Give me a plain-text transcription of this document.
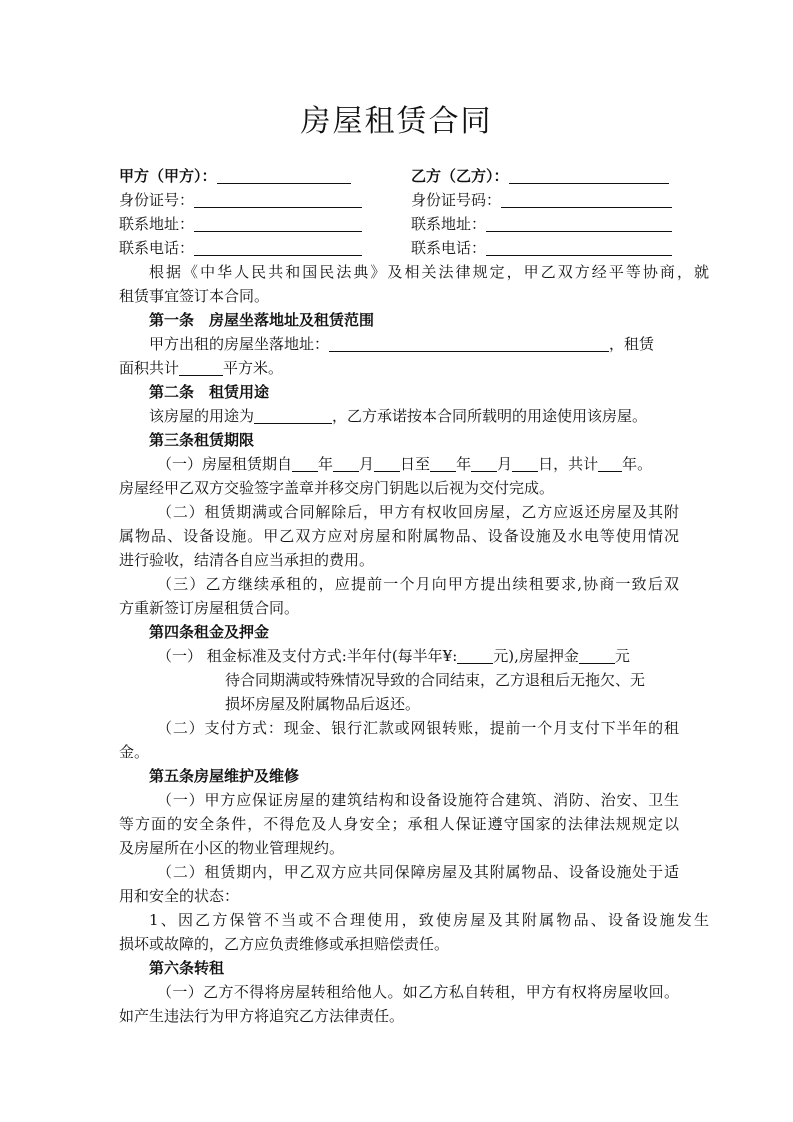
房屋租赁合同
甲方（甲方）：
身份证号：
联系地址：
联系电话：
乙方（乙方）：
身份证号码：
联系地址：
联系电话：
根据《中华人民共和国民法典》及相关法律规定，甲乙双方经平等协商，就
租赁事宜签订本合同。
第一条　房屋坐落地址及租赁范围
甲方出租的房屋坐落地址：	，租赁
面积共计	平方米。
第二条　租赁用途
该房屋的用途为	，乙方承诺按本合同所载明的用途使用该房屋。
第三条租赁期限
（一）房屋租赁期自 年 月 日至 年 月 日，共计 年。
房屋经甲乙双方交验签字盖章并移交房门钥匙以后视为交付完成。
（二）租赁期满或合同解除后，甲方有权收回房屋，乙方应返还房屋及其附
属物品、设备设施。甲乙双方应对房屋和附属物品、设备设施及水电等使用情况
进行验收，结清各自应当承担的费用。
（三）乙方继续承租的，应提前一个月向甲方提出续租要求,协商一致后双
方重新签订房屋租赁合同。
第四条租金及押金
（一） 租金标准及支付方式:半年付(每半年¥: 元),房屋押金 元
待合同期满或特殊情况导致的合同结束，乙方退租后无拖欠、无
损坏房屋及附属物品后返还。
（二）支付方式：现金、银行汇款或网银转账，提前一个月支付下半年的租
金。
第五条房屋维护及维修
（一）甲方应保证房屋的建筑结构和设备设施符合建筑、消防、治安、卫生
等方面的安全条件，不得危及人身安全；承租人保证遵守国家的法律法规规定以
及房屋所在小区的物业管理规约。
（二）租赁期内，甲乙双方应共同保障房屋及其附属物品、设备设施处于适
用和安全的状态：
1、因乙方保管不当或不合理使用，致使房屋及其附属物品、设备设施发生
损坏或故障的，乙方应负责维修或承担赔偿责任。
第六条转租
（一）乙方不得将房屋转租给他人。如乙方私自转租，甲方有权将房屋收回。
如产生违法行为甲方将追究乙方法律责任。
